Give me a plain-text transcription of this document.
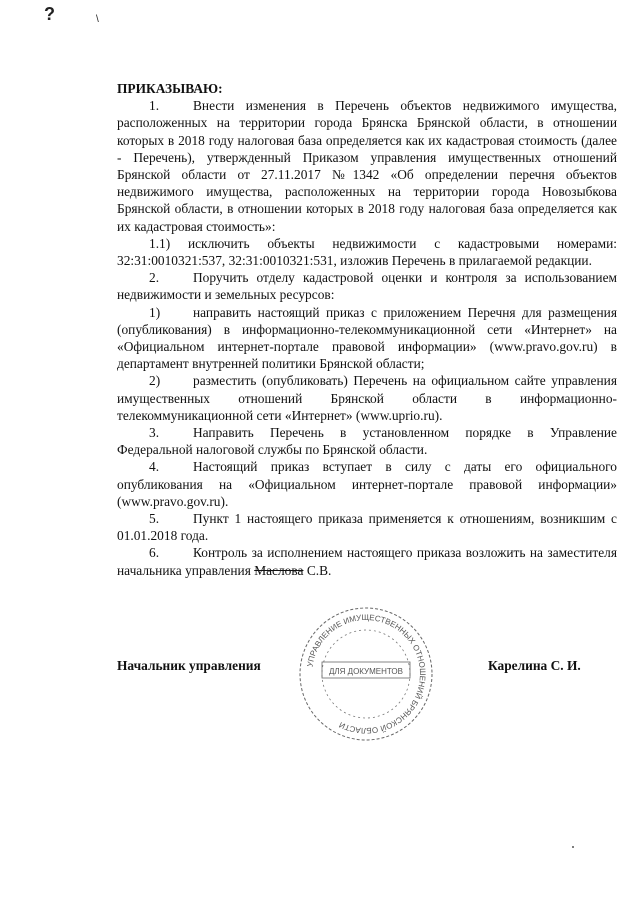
?	\
ПРИКАЗЫВАЮ:

1.	Внести изменения в Перечень объектов недвижимого имущества, расположенных на территории города Брянска Брянской области, в отношении которых в 2018 году налоговая база определяется как их кадастровая стоимость (далее - Перечень), утвержденный Приказом управления имущественных отношений Брянской области от 27.11.2017 №1342 «Об определении перечня объектов недвижимого имущества, расположенных на территории города Новозыбкова Брянской области, в отношении которых в 2018 году налоговая база определяется как их кадастровая стоимость»:

1.1) исключить объекты недвижимости с кадастровыми номерами: 32:31:0010321:537, 32:31:0010321:531, изложив Перечень в прилагаемой редакции.

2.	Поручить отделу кадастровой оценки и контроля за использованием недвижимости и земельных ресурсов:

1) направить настоящий приказ с приложением Перечня для размещения (опубликования) в информационно-телекоммуникационной сети «Интернет» на «Официальном интернет-портале правовой информации» (www.pravo.gov.ru) в департамент внутренней политики Брянской области;

2) разместить (опубликовать) Перечень на официальном сайте управления имущественных отношений Брянской области в информационно-телекоммуникационной сети «Интернет» (www.uprio.ru).

3.	Направить Перечень в установленном порядке в Управление Федеральной налоговой службы по Брянской области.

4.	Настоящий приказ вступает в силу с даты его официального опубликования на «Официальном интернет-портале правовой информации» (www.pravo.gov.ru).

5.	Пункт 1 настоящего приказа применяется к отношениям, возникшим с 01.01.2018 года.

6.	Контроль за исполнением настоящего приказа возложить на заместителя начальника управления Маслова С.В.

УПРАВЛЕНИЕ ИМУЩЕСТВЕННЫХ ОТНОШЕНИЙ БРЯНСКОЙ ОБЛАСТИ
ДЛЯ ДОКУМЕНТОВ
Начальник управления	Карелина С. И.
